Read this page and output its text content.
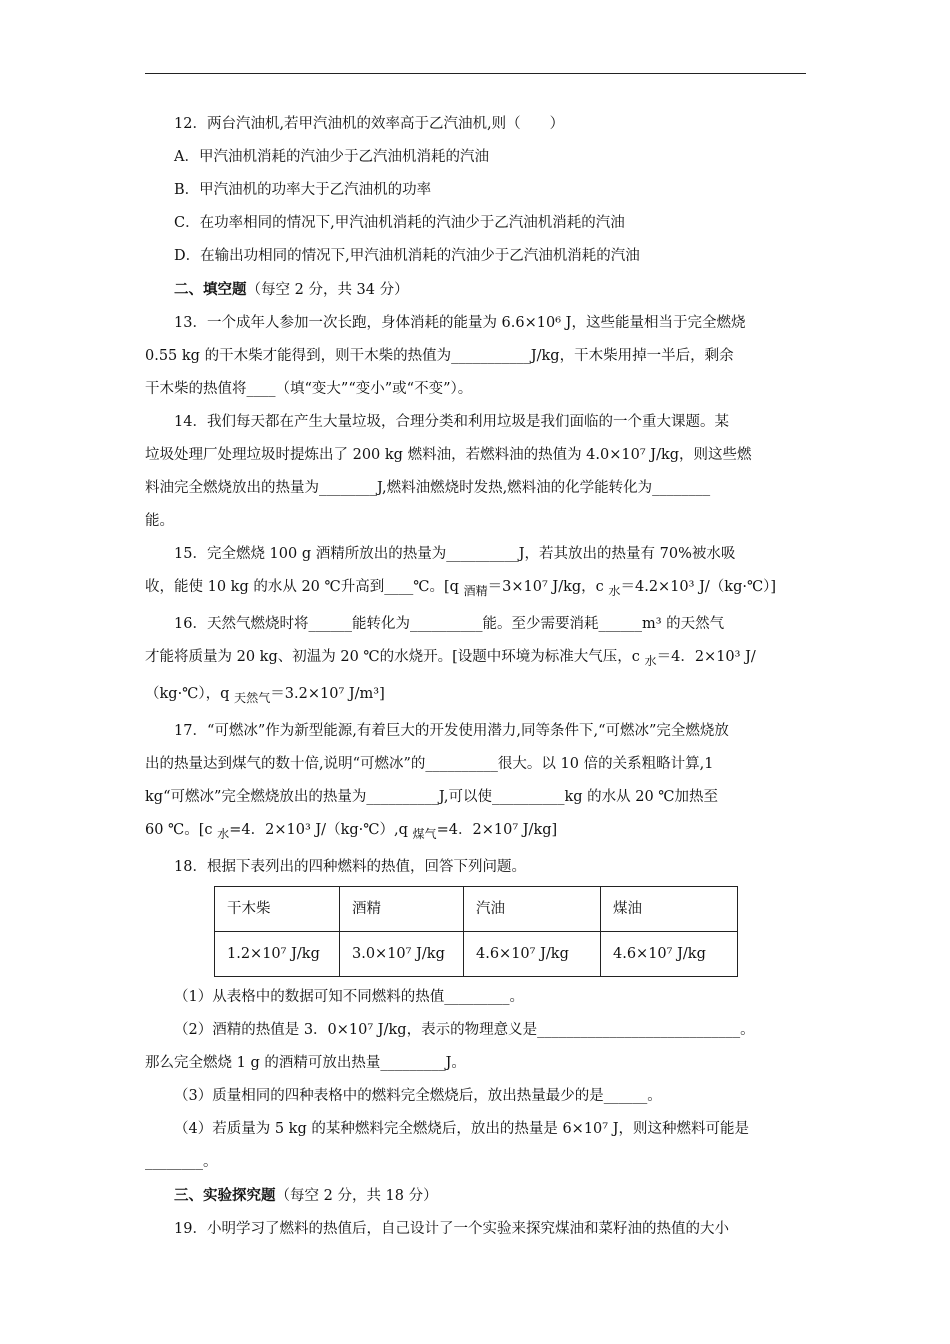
12．两台汽油机,若甲汽油机的效率高于乙汽油机,则（　　）

A．甲汽油机消耗的汽油少于乙汽油机消耗的汽油

B．甲汽油机的功率大于乙汽油机的功率

C．在功率相同的情况下,甲汽油机消耗的汽油少于乙汽油机消耗的汽油

D．在输出功相同的情况下,甲汽油机消耗的汽油少于乙汽油机消耗的汽油

二、填空题（每空 2 分，共 34 分）

13．一个成年人参加一次长跑，身体消耗的能量为 6.6×10⁶ J，这些能量相当于完全燃烧

0.55 kg 的干木柴才能得到，则干木柴的热值为___________J/kg，干木柴用掉一半后，剩余

干木柴的热值将____（填“变大”“变小”或“不变”）。

14．我们每天都在产生大量垃圾，合理分类和利用垃圾是我们面临的一个重大课题。某

垃圾处理厂处理垃圾时提炼出了 200 kg 燃料油，若燃料油的热值为 4.0×10⁷ J/kg，则这些燃

料油完全燃烧放出的热量为________J,燃料油燃烧时发热,燃料油的化学能转化为________

能。

15．完全燃烧 100 g 酒精所放出的热量为__________J，若其放出的热量有 70%被水吸

收，能使 10 kg 的水从 20 ℃升高到____℃。[q $_{酒精}$＝3×10⁷ J/kg，c $_水$＝4.2×10³ J/（kg·℃）]

16．天然气燃烧时将______能转化为__________能。至少需要消耗______m³ 的天然气

才能将质量为 20 kg、初温为 20 ℃的水烧开。[设题中环境为标准大气压，c $_水$＝4．2×10³ J/

（kg·℃），q $_{天然气}$＝3.2×10⁷ J/m³]

17．“可燃冰”作为新型能源,有着巨大的开发使用潜力,同等条件下,“可燃冰”完全燃烧放

出的热量达到煤气的数十倍,说明“可燃冰”的__________很大。以 10 倍的关系粗略计算,1

kg“可燃冰”完全燃烧放出的热量为__________J,可以使__________kg 的水从 20 ℃加热至

60 ℃。[c $_水$=4．2×10³ J/（kg·℃）,q $_{煤气}$=4．2×10⁷ J/kg]

18．根据下表列出的四种燃料的热值，回答下列问题。

干木柴	酒精	汽油	煤油
1.2×10⁷ J/kg	3.0×10⁷ J/kg	4.6×10⁷ J/kg	4.6×10⁷ J/kg

（1）从表格中的数据可知不同燃料的热值_________。

（2）酒精的热值是 3．0×10⁷ J/kg，表示的物理意义是____________________________。

那么完全燃烧 1 g 的酒精可放出热量_________J。

（3）质量相同的四种表格中的燃料完全燃烧后，放出热量最少的是______。

（4）若质量为 5 kg 的某种燃料完全燃烧后，放出的热量是 6×10⁷ J，则这种燃料可能是

________。

三、实验探究题（每空 2 分，共 18 分）

19．小明学习了燃料的热值后，自己设计了一个实验来探究煤油和菜籽油的热值的大小
